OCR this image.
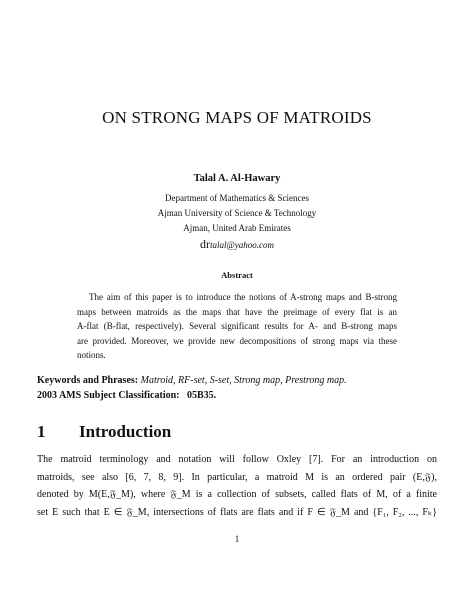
ON STRONG MAPS OF MATROIDS
Talal A. Al-Hawary
Department of Mathematics & Sciences
Ajman University of Science & Technology
Ajman, United Arab Emirates
drtalal@yahoo.com
Abstract
The aim of this paper is to introduce the notions of A-strong maps and B-strong
maps between matroids as the maps that have the preimage of every flat is an
A-flat (B-flat, respectively). Several significant results for A- and B-strong maps
are provided. Moreover, we provide new decompositions of strong maps via these
notions.
Keywords and Phrases: Matroid, RF-set, S-set, Strong map, Prestrong map.
2003 AMS Subject Classification: 05B35.
1 Introduction
The matroid terminology and notation will follow Oxley [7]. For an introduction on
matroids, see also [6, 7, 8, 9]. In particular, a matroid M is an ordered pair (E,𝔉),
denoted by M(E,𝔉_M), where 𝔉_M is a collection of subsets, called flats of M, of a finite
set E such that E ∈ 𝔉_M, intersections of flats are flats and if F ∈ 𝔉_M and {F₁, F₂, ..., Fₖ}
1
